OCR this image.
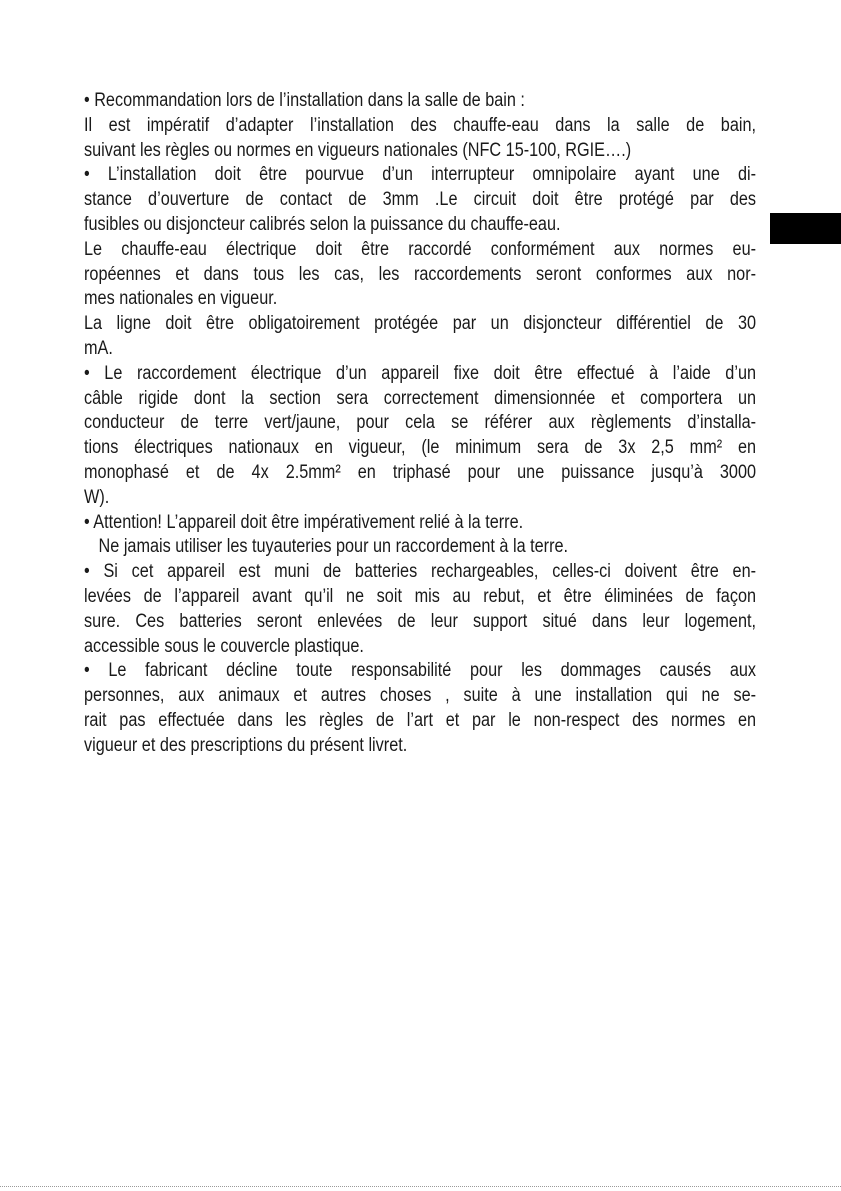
• Recommandation lors de l’installation dans la salle de bain :
Il est impératif d’adapter l’installation des chauffe-eau dans la salle de bain,
suivant les règles ou normes en vigueurs nationales (NFC 15-100, RGIE….)
• L’installation doit être pourvue d’un interrupteur omnipolaire ayant une di-
stance d’ouverture de contact de 3mm .Le circuit doit être protégé par des
fusibles ou disjoncteur calibrés selon la puissance du chauffe-eau.
Le chauffe-eau électrique doit être raccordé conformément aux normes eu-
ropéennes et dans tous les cas, les raccordements seront conformes aux nor-
mes nationales en vigueur.
La ligne doit être obligatoirement protégée par un disjoncteur différentiel de 30
mA.
• Le raccordement électrique d’un appareil fixe doit être effectué à l’aide d’un
câble rigide dont la section sera correctement dimensionnée et comportera un
conducteur de terre vert/jaune, pour cela se référer aux règlements d’installa-
tions électriques nationaux en vigueur, (le minimum sera de 3x 2,5 mm² en
monophasé et de 4x 2.5mm² en triphasé pour une puissance jusqu’à 3000
W).
• Attention! L’appareil doit être impérativement relié à la terre.
Ne jamais utiliser les tuyauteries pour un raccordement à la terre.
• Si cet appareil est muni de batteries rechargeables, celles-ci doivent être en-
levées de l’appareil avant qu’il ne soit mis au rebut, et être éliminées de façon
sure. Ces batteries seront enlevées de leur support situé dans leur logement,
accessible sous le couvercle plastique.
• Le fabricant décline toute responsabilité pour les dommages causés aux
personnes, aux animaux et autres choses , suite à une installation qui ne se-
rait pas effectuée dans les règles de l’art et par le non-respect des normes en
vigueur et des prescriptions du présent livret.
